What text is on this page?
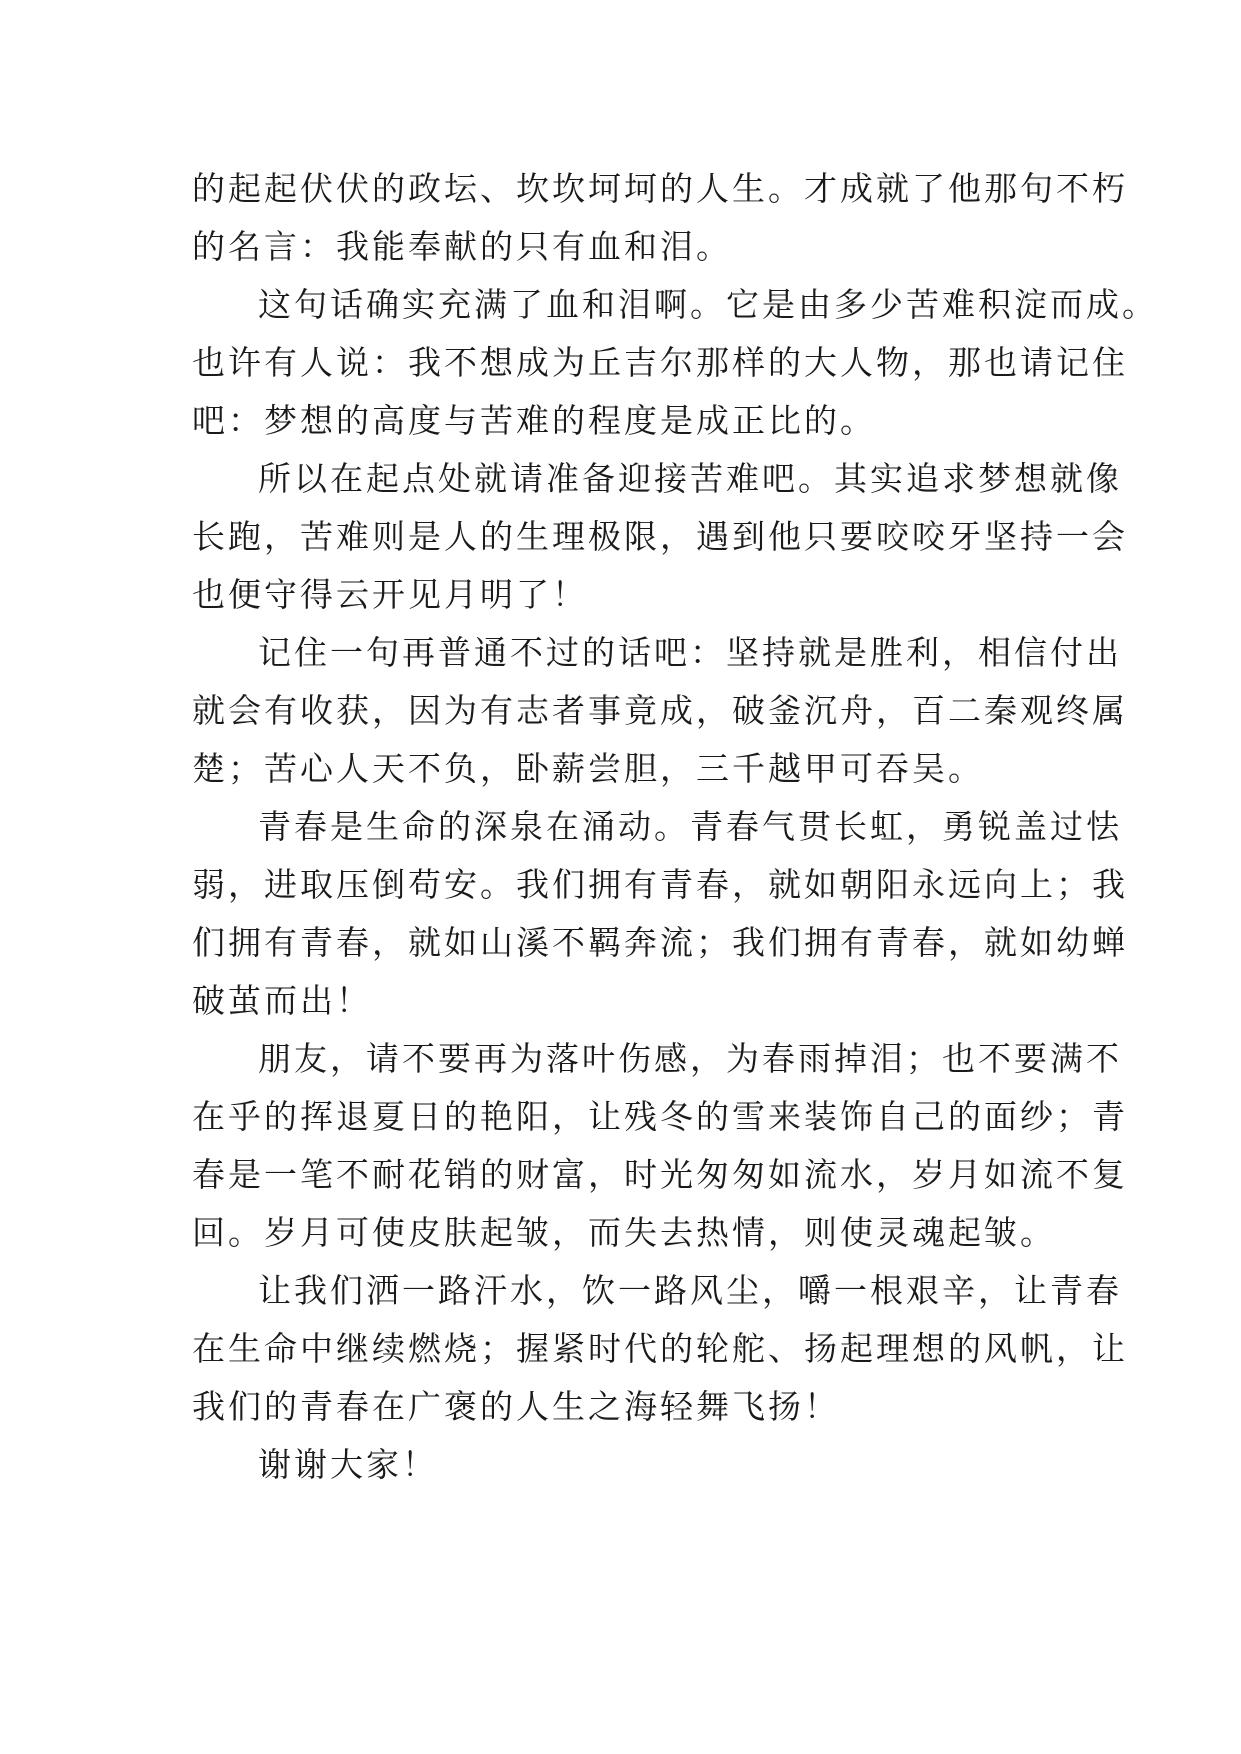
的起起伏伏的政坛、坎坎坷坷的人生。才成就了他那句不朽
的名言：我能奉献的只有血和泪。
这句话确实充满了血和泪啊。它是由多少苦难积淀而成。
也许有人说：我不想成为丘吉尔那样的大人物，那也请记住
吧：梦想的高度与苦难的程度是成正比的。
所以在起点处就请准备迎接苦难吧。其实追求梦想就像
长跑，苦难则是人的生理极限，遇到他只要咬咬牙坚持一会
也便守得云开见月明了！
记住一句再普通不过的话吧：坚持就是胜利，相信付出
就会有收获，因为有志者事竟成，破釜沉舟，百二秦观终属
楚；苦心人天不负，卧薪尝胆，三千越甲可吞吴。
青春是生命的深泉在涌动。青春气贯长虹，勇锐盖过怯
弱，进取压倒苟安。我们拥有青春，就如朝阳永远向上；我
们拥有青春，就如山溪不羁奔流；我们拥有青春，就如幼蝉
破茧而出！
朋友，请不要再为落叶伤感，为春雨掉泪；也不要满不
在乎的挥退夏日的艳阳，让残冬的雪来装饰自己的面纱；青
春是一笔不耐花销的财富，时光匆匆如流水，岁月如流不复
回。岁月可使皮肤起皱，而失去热情，则使灵魂起皱。
让我们洒一路汗水，饮一路风尘，嚼一根艰辛，让青春
在生命中继续燃烧；握紧时代的轮舵、扬起理想的风帆，让
我们的青春在广褒的人生之海轻舞飞扬！
谢谢大家！
